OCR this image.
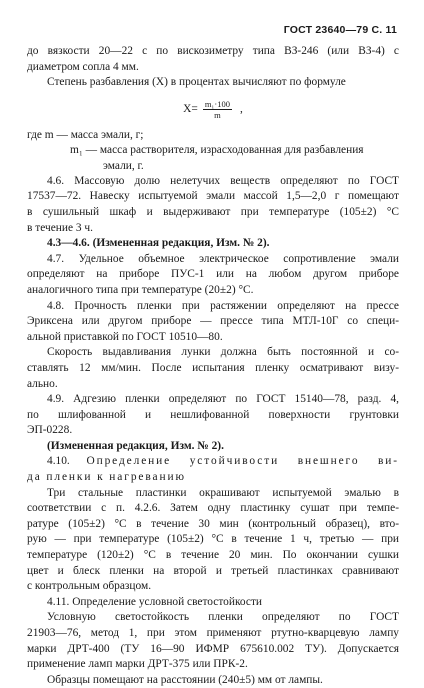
ГОСТ 23640—79 С. 11

до вязкости 20—22 с по вискозиметру типа ВЗ-246 (или ВЗ-4) с

диаметром сопла 4 мм.

Степень разбавления (X) в процентах вычисляют по формуле

$X= \frac{\text{m₁·100}}{m}$ ,
где m — масса эмали, г;
m₁ — масса растворителя, израсходованная для разбавления
эмали, г.

4.6. Массовую долю нелетучих веществ определяют по ГОСТ

17537—72. Навеску испытуемой эмали массой 1,5—2,0 г помещают

в сушильный шкаф и выдерживают при температуре (105±2) °С

в течение 3 ч.

4.3—4.6. (Измененная редакция, Изм. № 2).

4.7. Удельное объемное электрическое сопротивление эмали

определяют на приборе ПУС-1 или на любом другом приборе

аналогичного типа при температуре (20±2) °С.

4.8. Прочность пленки при растяжении определяют на прессе

Эриксена или другом приборе — прессе типа МТЛ-10Г со специ-

альной приставкой по ГОСТ 10510—80.

Скорость выдавливания лунки должна быть постоянной и со-

ставлять 12 мм/мин. После испытания пленку осматривают визу-

ально.

4.9. Адгезию пленки определяют по ГОСТ 15140—78, разд. 4,

по шлифованной и нешлифованной поверхности грунтовки

ЭП-0228.

(Измененная редакция, Изм. № 2).

4.10. Определение устойчивости внешнего ви-

да пленки к нагреванию

Три стальные пластинки окрашивают испытуемой эмалью в

соответствии с п. 4.2.6. Затем одну пластинку сушат при темпе-

ратуре (105±2) °С в течение 30 мин (контрольный образец), вто-

рую — при температуре (105±2) °С в течение 1 ч, третью — при

температуре (120±2) °С в течение 20 мин. По окончании сушки

цвет и блеск пленки на второй и третьей пластинках сравнивают

с контрольным образцом.

4.11. Определение условной светостойкости

Условную светостойкость пленки определяют по ГОСТ

21903—76, метод 1, при этом применяют ртутно-кварцевую лампу

марки ДРТ-400 (ТУ 16—90 ИФМР 675610.002 ТУ). Допускается

применение ламп марки ДРТ-375 или ПРК-2.

Образцы помещают на расстоянии (240±5) мм от лампы.
